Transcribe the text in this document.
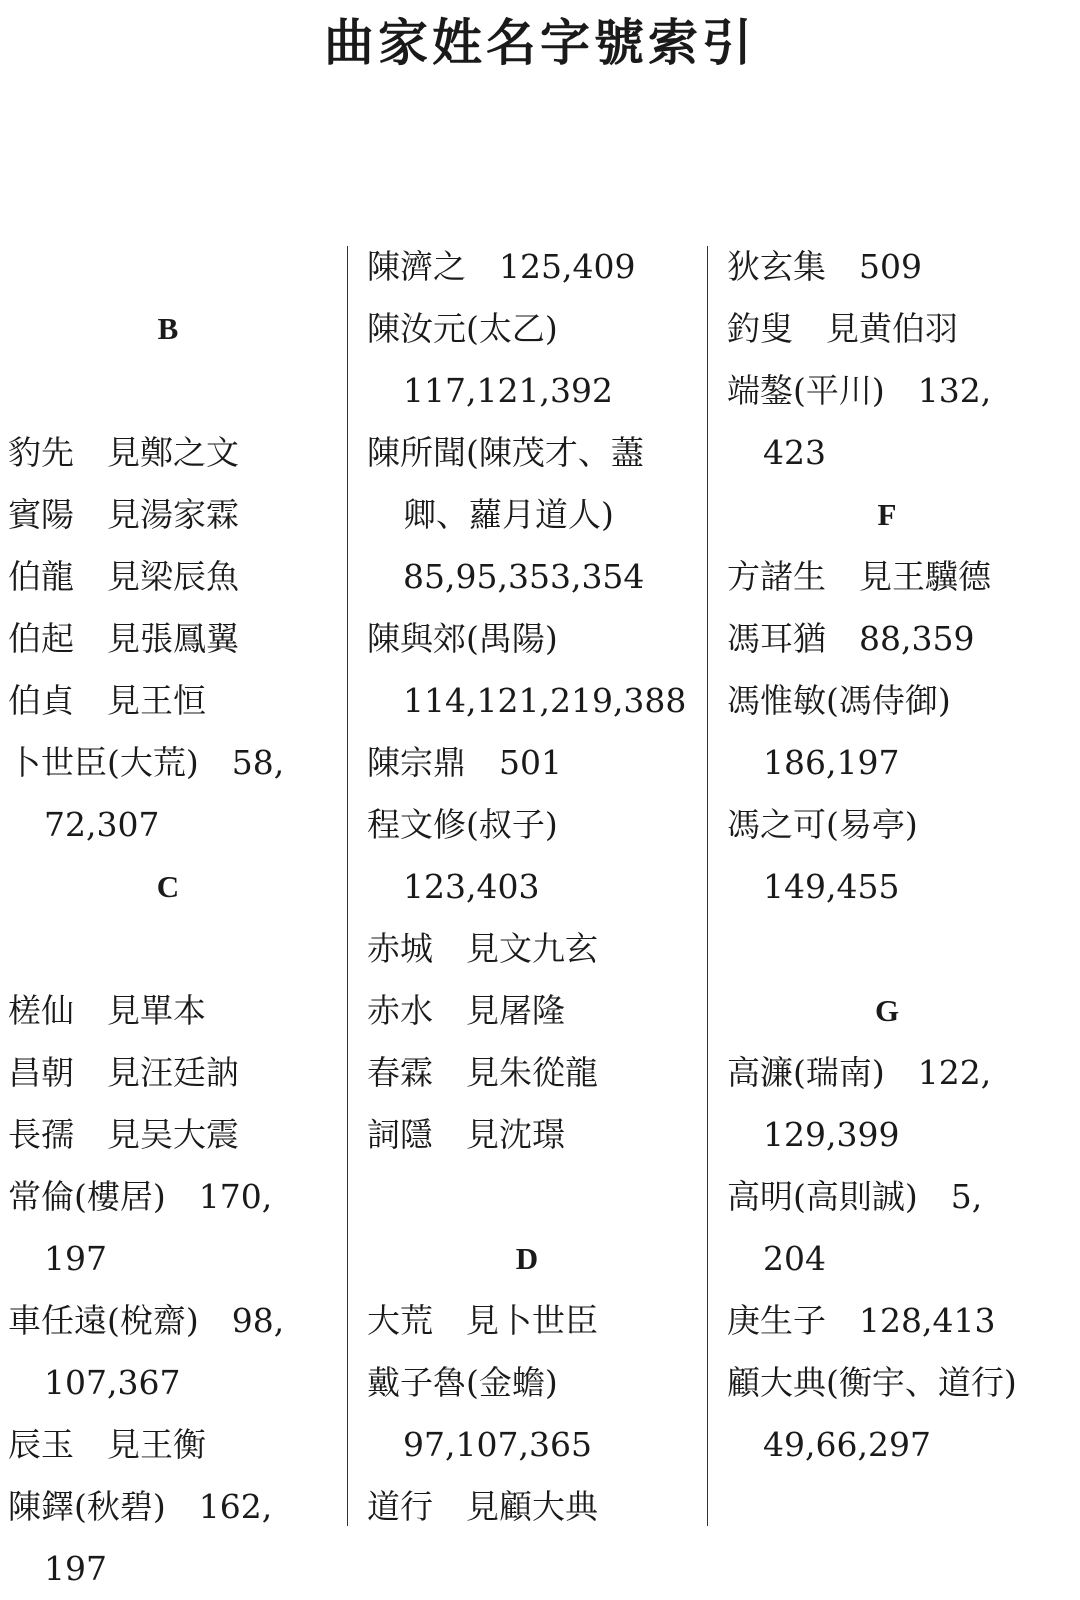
曲家姓名字號索引
B
豹先　見鄭之文
賓陽　見湯家霖
伯龍　見梁辰魚
伯起　見張鳳翼
伯貞　見王恒
卜世臣(大荒)　58,
72,307
C
槎仙　見單本
昌朝　見汪廷訥
長孺　見吴大震
常倫(樓居)　170,
197
車任遠(梲齋)　98,
107,367
辰玉　見王衡
陳鐸(秋碧)　162,
197
陳濟之　125,409
陳汝元(太乙)
117,121,392
陳所聞(陳茂才、藎
卿、蘿月道人)
85,95,353,354
陳與郊(禺陽)
114,121,219,388
陳宗鼎　501
程文修(叔子)
123,403
赤城　見文九玄
赤水　見屠隆
春霖　見朱從龍
詞隱　見沈璟
D
大荒　見卜世臣
戴子魯(金蟾)
97,107,365
道行　見顧大典
狄玄集　509
釣叟　見黄伯羽
端鏊(平川)　132,
423
F
方諸生　見王驥德
馮耳猶　88,359
馮惟敏(馮侍御)
186,197
馮之可(易亭)
149,455
G
高濂(瑞南)　122,
129,399
高明(高則誠)　5,
204
庚生子　128,413
顧大典(衡宇、道行)
49,66,297
